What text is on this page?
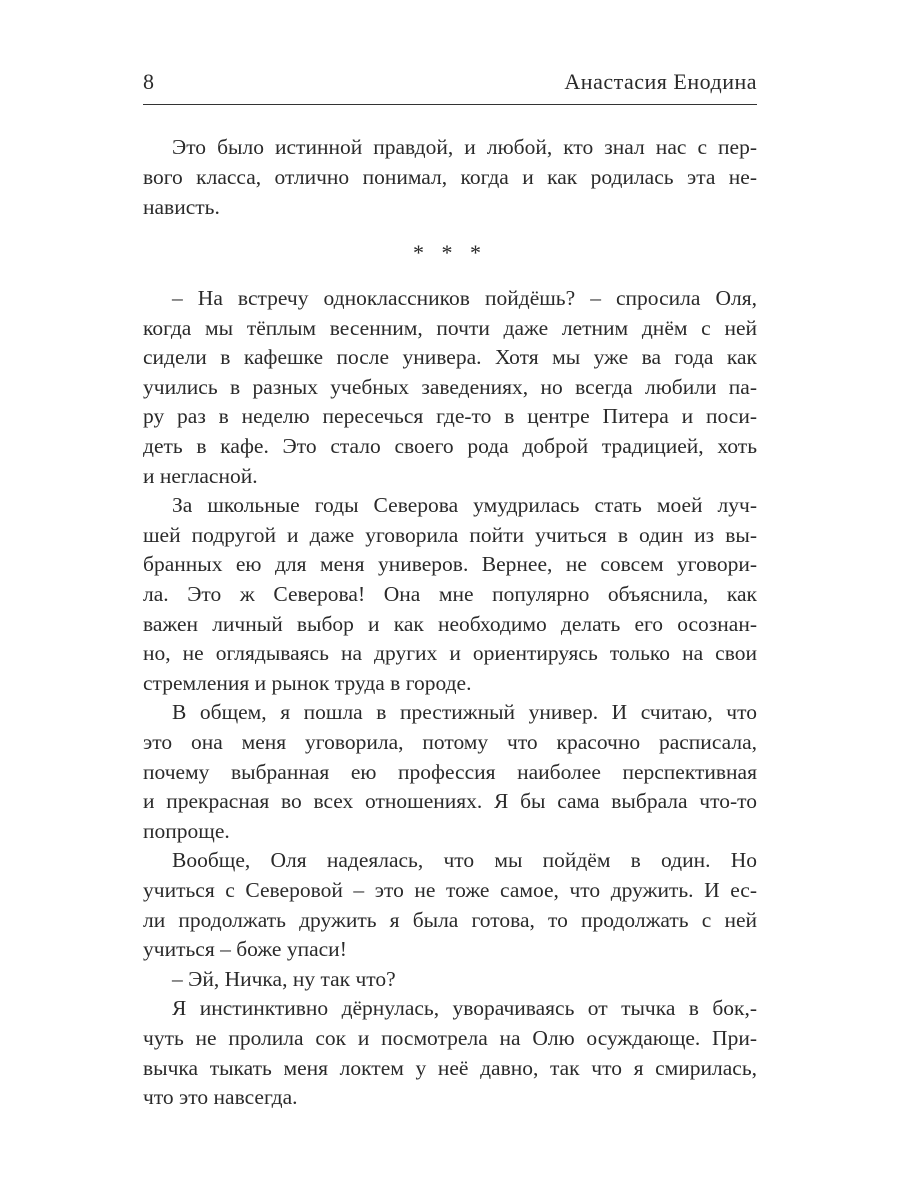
8	Анастасия Енодина
Это было истинной правдой, и любой, кто знал нас с пер-
вого класса, отлично понимал, когда и как родилась эта не-
нависть.
* * *
– На встречу одноклассников пойдёшь? – спросила Оля,
когда мы тёплым весенним, почти даже летним днём с ней
сидели в кафешке после универа. Хотя мы уже ва года как
учились в разных учебных заведениях, но всегда любили па-
ру раз в неделю пересечься где-то в центре Питера и поси-
деть в кафе. Это стало своего рода доброй традицией, хоть
и негласной.
За школьные годы Северова умудрилась стать моей луч-
шей подругой и даже уговорила пойти учиться в один из вы-
бранных ею для меня универов. Вернее, не совсем уговори-
ла. Это ж Северова! Она мне популярно объяснила, как
важен личный выбор и как необходимо делать его осознан-
но, не оглядываясь на других и ориентируясь только на свои
стремления и рынок труда в городе.
В общем, я пошла в престижный универ. И считаю, что
это она меня уговорила, потому что красочно расписала,
почему выбранная ею профессия наиболее перспективная
и прекрасная во всех отношениях. Я бы сама выбрала что-то
попроще.
Вообще, Оля надеялась, что мы пойдём в один. Но
учиться с Северовой – это не тоже самое, что дружить. И ес-
ли продолжать дружить я была готова, то продолжать с ней
учиться – боже упаси!
– Эй, Ничка, ну так что?
Я инстинктивно дёрнулась, уворачиваясь от тычка в бок,-
чуть не пролила сок и посмотрела на Олю осуждающе. При-
вычка тыкать меня локтем у неё давно, так что я смирилась,
что это навсегда.
